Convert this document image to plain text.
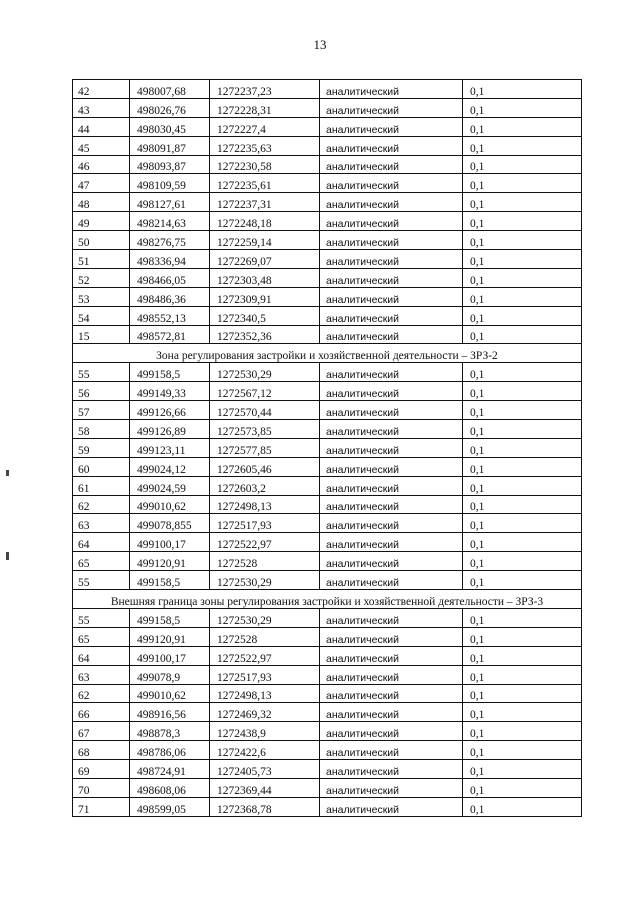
13
42	498007,68	1272237,23	аналитический	0,1
43	498026,76	1272228,31	аналитический	0,1
44	498030,45	1272227,4	аналитический	0,1
45	498091,87	1272235,63	аналитический	0,1
46	498093,87	1272230,58	аналитический	0,1
47	498109,59	1272235,61	аналитический	0,1
48	498127,61	1272237,31	аналитический	0,1
49	498214,63	1272248,18	аналитический	0,1
50	498276,75	1272259,14	аналитический	0,1
51	498336,94	1272269,07	аналитический	0,1
52	498466,05	1272303,48	аналитический	0,1
53	498486,36	1272309,91	аналитический	0,1
54	498552,13	1272340,5	аналитический	0,1
15	498572,81	1272352,36	аналитический	0,1
Зона регулирования застройки и хозяйственной деятельности – ЗРЗ-2				
55	499158,5	1272530,29	аналитический	0,1
56	499149,33	1272567,12	аналитический	0,1
57	499126,66	1272570,44	аналитический	0,1
58	499126,89	1272573,85	аналитический	0,1
59	499123,11	1272577,85	аналитический	0,1
60	499024,12	1272605,46	аналитический	0,1
61	499024,59	1272603,2	аналитический	0,1
62	499010,62	1272498,13	аналитический	0,1
63	499078,855	1272517,93	аналитический	0,1
64	499100,17	1272522,97	аналитический	0,1
65	499120,91	1272528	аналитический	0,1
55	499158,5	1272530,29	аналитический	0,1
Внешняя граница зоны регулирования застройки и хозяйственной деятельности – ЗРЗ-3				
55	499158,5	1272530,29	аналитический	0,1
65	499120,91	1272528	аналитический	0,1
64	499100,17	1272522,97	аналитический	0,1
63	499078,9	1272517,93	аналитический	0,1
62	499010,62	1272498,13	аналитический	0,1
66	498916,56	1272469,32	аналитический	0,1
67	498878,3	1272438,9	аналитический	0,1
68	498786,06	1272422,6	аналитический	0,1
69	498724,91	1272405,73	аналитический	0,1
70	498608,06	1272369,44	аналитический	0,1
71	498599,05	1272368,78	аналитический	0,1
